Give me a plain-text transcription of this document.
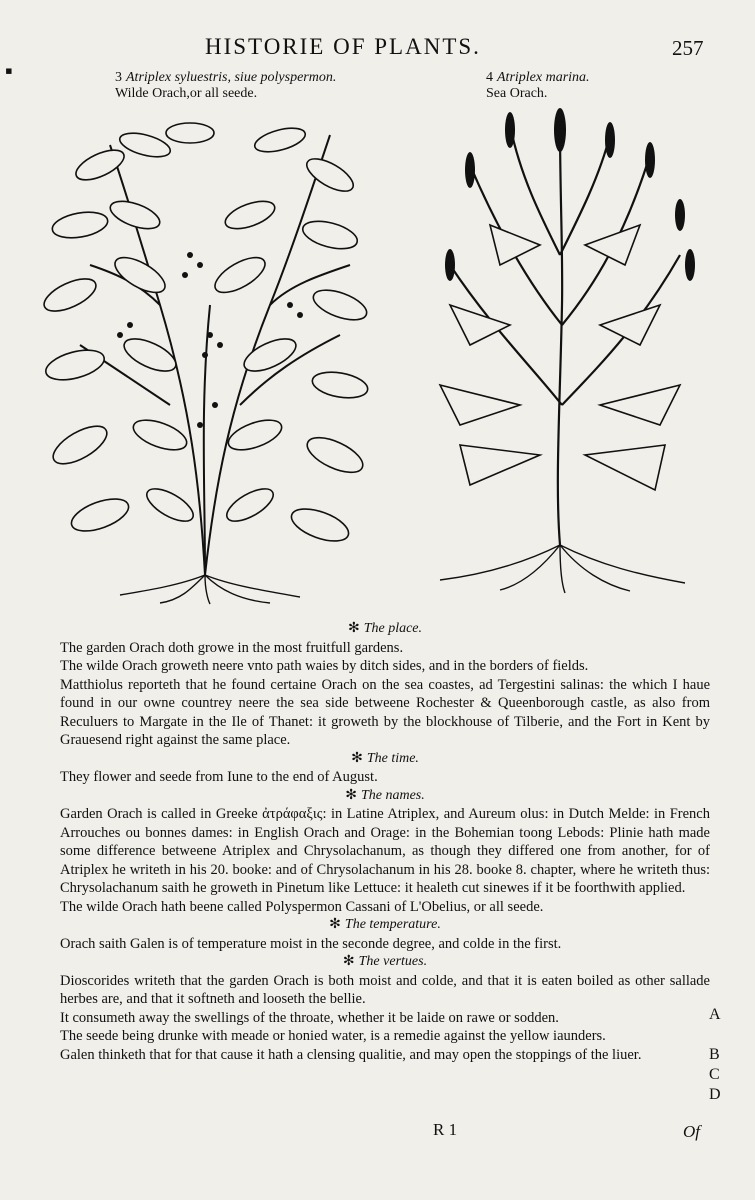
▪
HISTORIE OF PLANTS.	257
3 Atriplex syluestris, siue polyspermon.
Wilde Orach,or all seede.
4 Atriplex marina.
Sea Orach.

✻ The place.

The garden Orach doth growe in the most fruitfull gardens.

The wilde Orach groweth neere vnto path waies by ditch sides, and in the borders of fields.

Matthiolus reporteth that he found certaine Orach on the sea coastes, ad Tergestini salinas: the which I haue found in our owne countrey neere the sea side betweene Rochester & Queenborough castle, as also from Reculuers to Margate in the Ile of Thanet: it groweth by the blockhouse of Tilberie, and the Fort in Kent by Grauesend right against the same place.

✻ The time.

They flower and seede from Iune to the end of August.

✻ The names.

Garden Orach is called in Greeke ἀτράφαξις: in Latine Atriplex, and Aureum olus: in Dutch Melde: in French Arrouches ou bonnes dames: in English Orach and Orage: in the Bohemian toong Lebods: Plinie hath made some difference betweene Atriplex and Chrysolachanum, as though they differed one from another, for of Atriplex he writeth in his 20. booke: and of Chrysolachanum in his 28. booke 8. chapter, where he writeth thus: Chrysolachanum saith he groweth in Pinetum like Lettuce: it healeth cut sinewes if it be foorthwith applied.

The wilde Orach hath beene called Polyspermon Cassani of L'Obelius, or all seede.

✻ The temperature.

Orach saith Galen is of temperature moist in the seconde degree, and colde in the first.

✻ The vertues.

Dioscorides writeth that the garden Orach is both moist and colde, and that it is eaten boiled as other sallade herbes are, and that it softneth and looseth the bellie.

It consumeth away the swellings of the throate, whether it be laide on rawe or sodden.

The seede being drunke with meade or honied water, is a remedie against the yellow iaunders.

Galen thinketh that for that cause it hath a clensing qualitie, and may open the stoppings of the liuer.

A
B
C
D
R 1	Of
